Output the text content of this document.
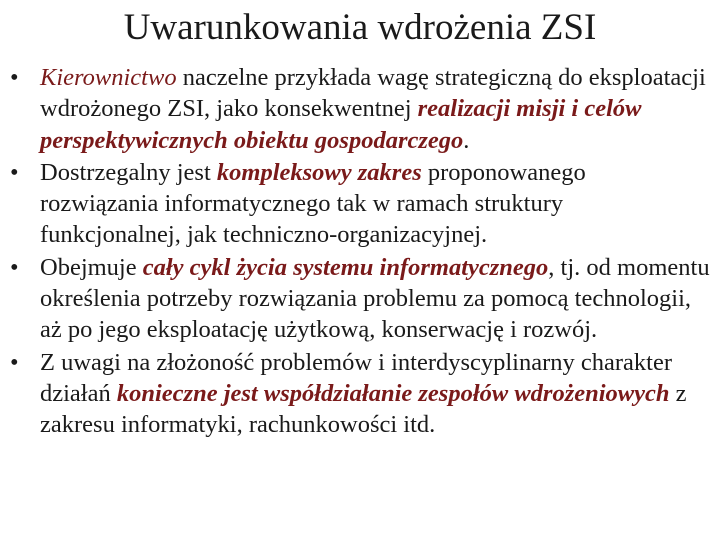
Uwarunkowania wdrożenia ZSI
• Kierownictwo naczelne przykłada wagę strategiczną do eksploatacji wdrożonego ZSI, jako konsekwentnej realizacji misji i celów perspektywicznych obiektu gospodarczego.
• Dostrzegalny jest kompleksowy zakres proponowanego rozwiązania informatycznego tak w ramach struktury funkcjonalnej, jak techniczno-organizacyjnej.
• Obejmuje cały cykl życia systemu informatycznego, tj. od momentu określenia potrzeby rozwiązania problemu za pomocą technologii, aż po jego eksploatację użytkową, konserwację i rozwój.
• Z uwagi na złożoność problemów i interdyscyplinarny charakter działań konieczne jest współdziałanie zespołów wdrożeniowych z zakresu informatyki, rachunkowości itd.
